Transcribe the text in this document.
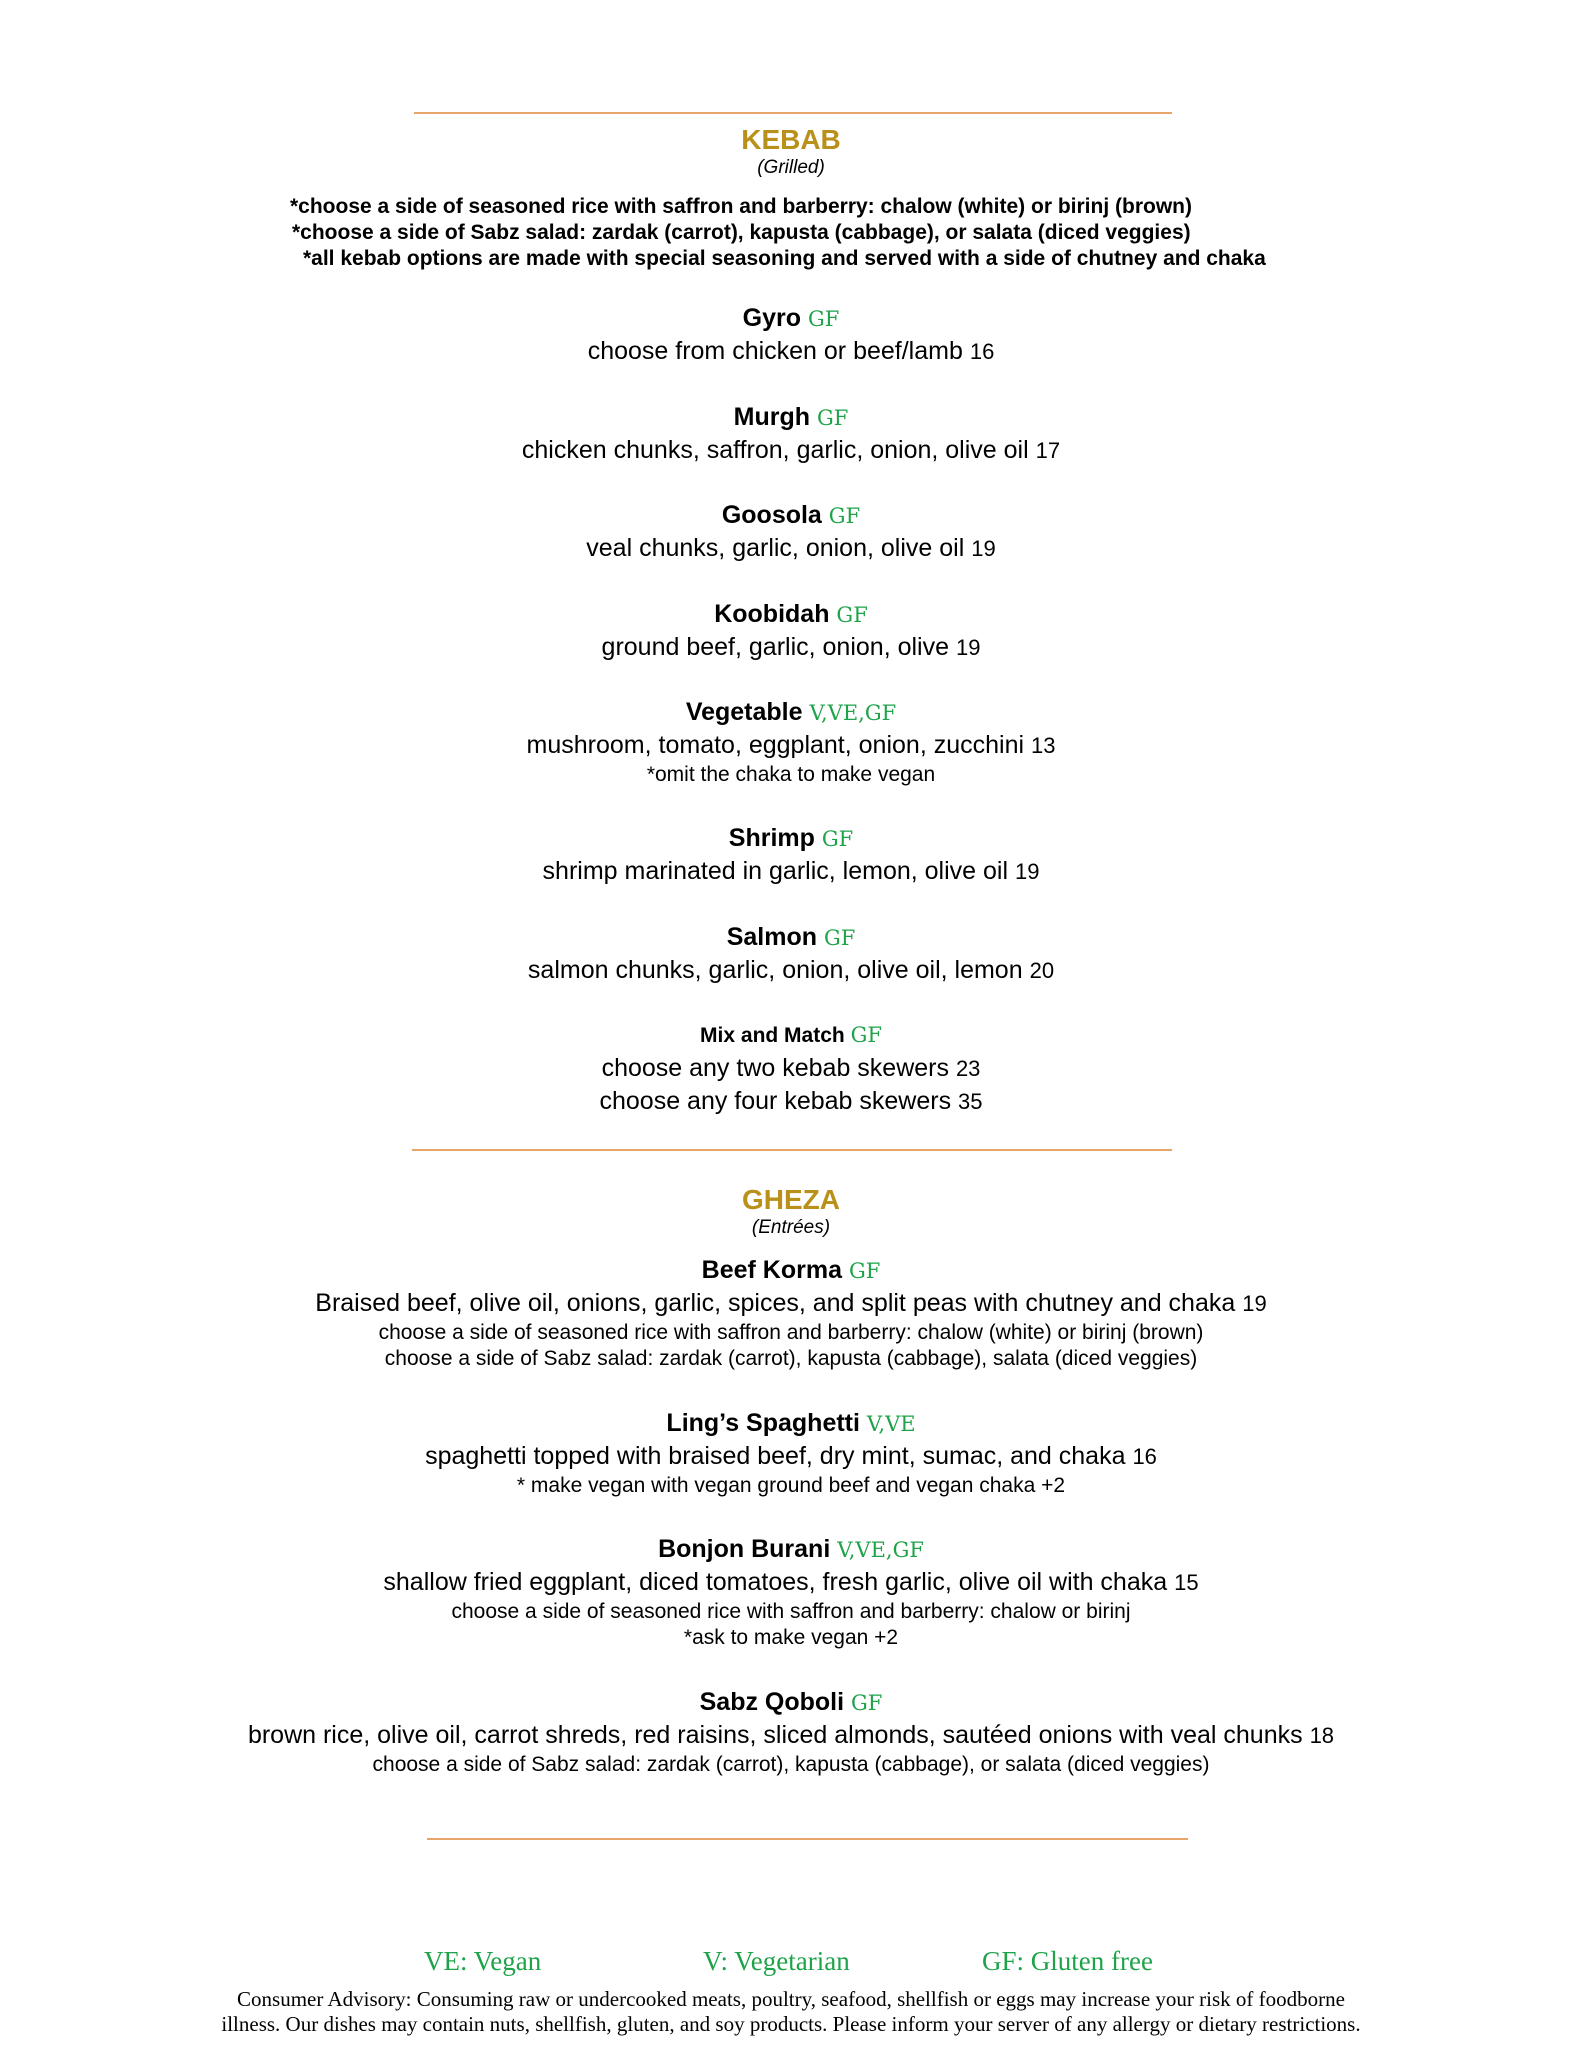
KEBAB
(Grilled)
*choose a side of seasoned rice with saffron and barberry: chalow (white) or birinj (brown)
*choose a side of Sabz salad: zardak (carrot), kapusta (cabbage), or salata (diced veggies)
*all kebab options are made with special seasoning and served with a side of chutney and chaka
Gyro GF
choose from chicken or beef/lamb 16
Murgh GF
chicken chunks, saffron, garlic, onion, olive oil 17
Goosola GF
veal chunks, garlic, onion, olive oil 19
Koobidah GF
ground beef, garlic, onion, olive 19
Vegetable V,VE,GF
mushroom, tomato, eggplant, onion, zucchini 13
*omit the chaka to make vegan
Shrimp GF
shrimp marinated in garlic, lemon, olive oil 19
Salmon GF
salmon chunks, garlic, onion, olive oil, lemon 20
Mix and Match GF
choose any two kebab skewers 23
choose any four kebab skewers 35
GHEZA
(Entrées)
Beef Korma GF
Braised beef, olive oil, onions, garlic, spices, and split peas with chutney and chaka 19
choose a side of seasoned rice with saffron and barberry: chalow (white) or birinj (brown)
choose a side of Sabz salad: zardak (carrot), kapusta (cabbage), salata (diced veggies)
Ling’s Spaghetti V,VE
spaghetti topped with braised beef, dry mint, sumac, and chaka 16
* make vegan with vegan ground beef and vegan chaka +2
Bonjon Burani V,VE,GF
shallow fried eggplant, diced tomatoes, fresh garlic, olive oil with chaka 15
choose a side of seasoned rice with saffron and barberry: chalow or birinj
*ask to make vegan +2
Sabz Qoboli GF
brown rice, olive oil, carrot shreds, red raisins, sliced almonds, sautéed onions with veal chunks 18
choose a side of Sabz salad: zardak (carrot), kapusta (cabbage), or salata (diced veggies)
VE: Vegan	V: Vegetarian	GF: Gluten free
Consumer Advisory: Consuming raw or undercooked meats, poultry, seafood, shellfish or eggs may increase your risk of foodborne
illness. Our dishes may contain nuts, shellfish, gluten, and soy products. Please inform your server of any allergy or dietary restrictions.
